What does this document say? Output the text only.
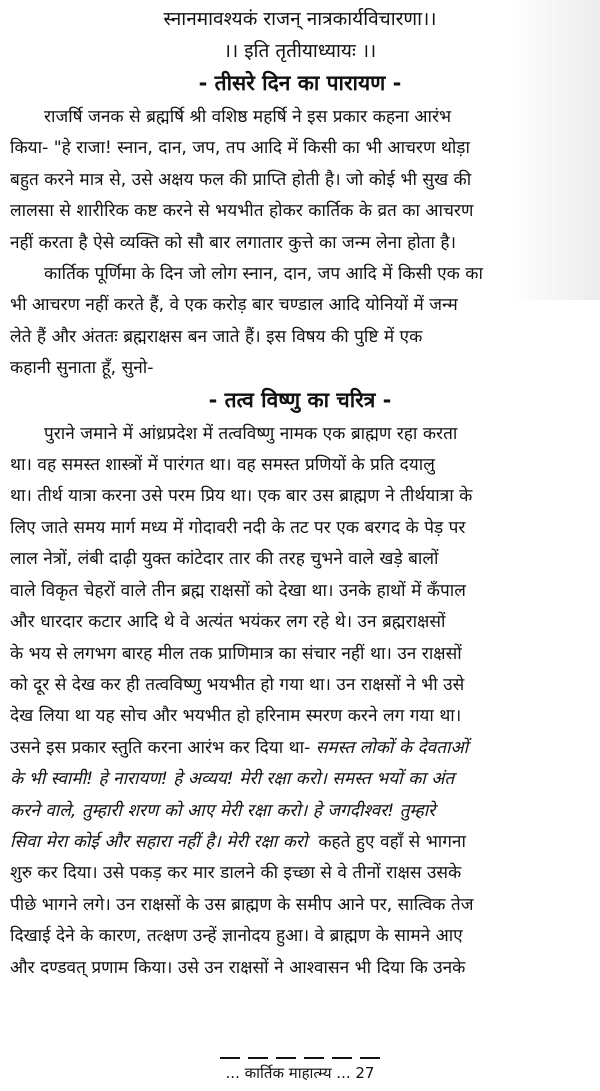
स्नानमावश्यकं राजन् नात्रकार्यविचारणा।।

।। इति तृतीयाध्यायः ।।

- तीसरे दिन का पारायण -
राजर्षि जनक से ब्रह्मर्षि श्री वशिष्ठ महर्षि ने इस प्रकार कहना आरंभ
किया- "हे राजा! स्नान, दान, जप, तप आदि में किसी का भी आचरण थोड़ा
बहुत करने मात्र से, उसे अक्षय फल की प्राप्ति होती है। जो कोई भी सुख की
लालसा से शारीरिक कष्ट करने से भयभीत होकर कार्तिक के व्रत का आचरण
नहीं करता है ऐसे व्यक्ति को सौ बार लगातार कुत्ते का जन्म लेना होता है।
कार्तिक पूर्णिमा के दिन जो लोग स्नान, दान, जप आदि में किसी एक का
भी आचरण नहीं करते हैं, वे एक करोड़ बार चण्डाल आदि योनियों में जन्म
लेते हैं और अंततः ब्रह्मराक्षस बन जाते हैं। इस विषय की पुष्टि में एक
कहानी सुनाता हूँ, सुनो-
- तत्व विष्णु का चरित्र -
पुराने जमाने में आंध्रप्रदेश में तत्वविष्णु नामक एक ब्राह्मण रहा करता
था। वह समस्त शास्त्रों में पारंगत था। वह समस्त प्रणियों के प्रति दयालु
था। तीर्थ यात्रा करना उसे परम प्रिय था। एक बार उस ब्राह्मण ने तीर्थयात्रा के
लिए जाते समय मार्ग मध्य में गोदावरी नदी के तट पर एक बरगद के पेड़ पर
लाल नेत्रों, लंबी दाढ़ी युक्त कांटेदार तार की तरह चुभने वाले खड़े बालों
वाले विकृत चेहरों वाले तीन ब्रह्म राक्षसों को देखा था। उनके हाथों में कँपाल
और धारदार कटार आदि थे वे अत्यंत भयंकर लग रहे थे। उन ब्रह्मराक्षसों
के भय से लगभग बारह मील तक प्राणिमात्र का संचार नहीं था। उन राक्षसों
को दूर से देख कर ही तत्वविष्णु भयभीत हो गया था। उन राक्षसों ने भी उसे
देख लिया था यह सोच और भयभीत हो हरिनाम स्मरण करने लग गया था।
उसने इस प्रकार स्तुति करना आरंभ कर दिया था- समस्त लोकों के देवताओं
के भी स्वामी! हे नारायण! हे अव्यय! मेरी रक्षा करो। समस्त भयों का अंत
करने वाले, तुम्हारी शरण को आए मेरी रक्षा करो। हे जगदीश्वर! तुम्हारे
सिवा मेरा कोई और सहारा नहीं है। मेरी रक्षा करो कहते हुए वहाँ से भागना
शुरु कर दिया। उसे पकड़ कर मार डालने की इच्छा से वे तीनों राक्षस उसके
पीछे भागने लगे। उन राक्षसों के उस ब्राह्मण के समीप आने पर, सात्विक तेज
दिखाई देने के कारण, तत्क्षण उन्हें ज्ञानोदय हुआ। वे ब्राह्मण के सामने आए
और दण्डवत् प्रणाम किया। उसे उन राक्षसों ने आश्वासन भी दिया कि उनके
... कार्तिक माहात्म्य ... 27
